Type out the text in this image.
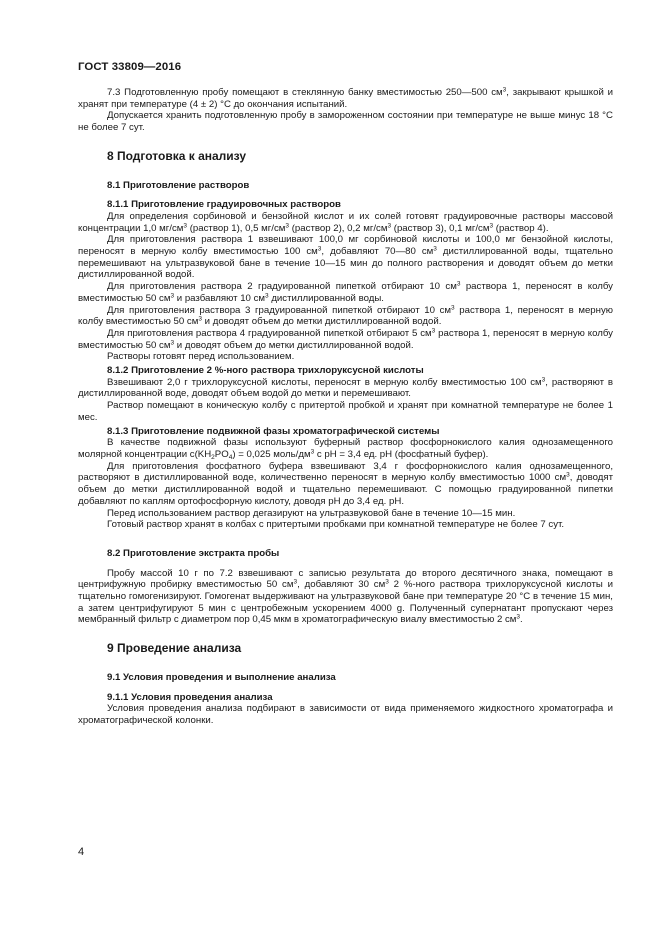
ГОСТ 33809—2016

7.3 Подготовленную пробу помещают в стеклянную банку вместимостью 250—500 $см^3$, закрывают крышкой и хранят при температуре (4 ± 2) °С до окончания испытаний.

Допускается хранить подготовленную пробу в замороженном состоянии при температуре не выше минус 18 °С не более 7 сут.

8 Подготовка к анализу
8.1 Приготовление растворов
8.1.1 Приготовление градуировочных растворов

Для определения сорбиновой и бензойной кислот и их солей готовят градуировочные растворы массовой концентрации 1,0 $мг/см^3$ (раствор 1), 0,5 $мг/см^3$ (раствор 2), 0,2 $мг/см^3$ (раствор 3), 0,1 $мг/см^3$ (раствор 4).

Для приготовления раствора 1 взвешивают 100,0 мг сорбиновой кислоты и 100,0 мг бензойной кислоты, переносят в мерную колбу вместимостью 100 $см^3$, добавляют 70—80 $см^3$ дистиллированной воды, тщательно перемешивают на ультразвуковой бане в течение 10—15 мин до полного растворения и доводят объем до метки дистиллированной водой.

Для приготовления раствора 2 градуированной пипеткой отбирают 10 $см^3$ раствора 1, переносят в колбу вместимостью 50 $см^3$ и разбавляют 10 $см^3$ дистиллированной воды.

Для приготовления раствора 3 градуированной пипеткой отбирают 10 $см^3$ раствора 1, переносят в мерную колбу вместимостью 50 $см^3$ и доводят объем до метки дистиллированной водой.

Для приготовления раствора 4 градуированной пипеткой отбирают 5 $см^3$ раствора 1, переносят в мерную колбу вместимостью 50 $см^3$ и доводят объем до метки дистиллированной водой.

Растворы готовят перед использованием.

8.1.2 Приготовление 2 %-ного раствора трихлоруксусной кислоты

Взвешивают 2,0 г трихлоруксусной кислоты, переносят в мерную колбу вместимостью 100 $см^3$, растворяют в дистиллированной воде, доводят объем водой до метки и перемешивают.

Раствор помещают в коническую колбу с притертой пробкой и хранят при комнатной температуре не более 1 мес.

8.1.3 Приготовление подвижной фазы хроматографической системы

В качестве подвижной фазы используют буферный раствор фосфорнокислого калия однозамещенного молярной концентрации $c(KH_2PO_4) = 0,025$ моль/$дм^3$ с pH = 3,4 ед. pH (фосфатный буфер).

Для приготовления фосфатного буфера взвешивают 3,4 г фосфорнокислого калия однозамещенного, растворяют в дистиллированной воде, количественно переносят в мерную колбу вместимостью 1000 $см^3$, доводят объем до метки дистиллированной водой и тщательно перемешивают. С помощью градуированной пипетки добавляют по каплям ортофосфорную кислоту, доводя pH до 3,4 ед. pH.

Перед использованием раствор дегазируют на ультразвуковой бане в течение 10—15 мин.

Готовый раствор хранят в колбах с притертыми пробками при комнатной температуре не более 7 сут.

8.2 Приготовление экстракта пробы

Пробу массой 10 г по 7.2 взвешивают с записью результата до второго десятичного знака, помещают в центрифужную пробирку вместимостью 50 $см^3$, добавляют 30 $см^3$ 2 %-ного раствора трихлоруксусной кислоты и тщательно гомогенизируют. Гомогенат выдерживают на ультразвуковой бане при температуре 20 °С в течение 15 мин, а затем центрифугируют 5 мин с центробежным ускорением 4000 g. Полученный супернатант пропускают через мембранный фильтр с диаметром пор 0,45 мкм в хроматографическую виалу вместимостью 2 $см^3$.

9 Проведение анализа
9.1 Условия проведения и выполнение анализа
9.1.1 Условия проведения анализа

Условия проведения анализа подбирают в зависимости от вида применяемого жидкостного хроматографа и хроматографической колонки.

4
